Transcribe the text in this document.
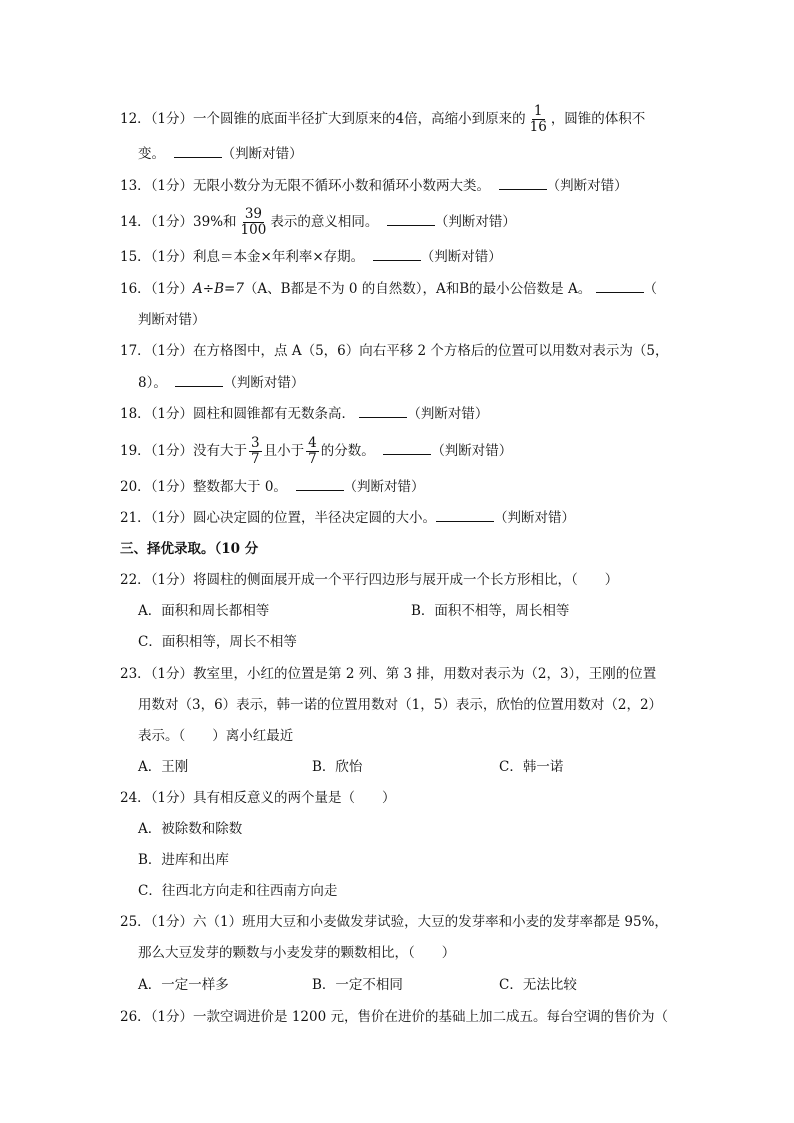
12．（1分）一个圆锥的底面半径扩大到原来的4倍，高缩小到原来的 $\frac{1}{16}$ ，圆锥的体积不
变。	（判断对错）
13．（1分）无限小数分为无限不循环小数和循环小数两大类。	（判断对错）
14．（1分）39%和 $\frac{39}{100}$ 表示的意义相同。	（判断对错）
15．（1分）利息＝本金×年利率×存期。	（判断对错）
16．（1分）A÷B=7（A、B都是不为 0 的自然数），A和B的最小公倍数是 A。	（
判断对错）
17．（1分）在方格图中，点 A（5，6）向右平移 2 个方格后的位置可以用数对表示为（5，
8）。	（判断对错）
18．（1分）圆柱和圆锥都有无数条高．	（判断对错）
19．（1分）没有大于 $\frac{3}{7}$ 且小于 $\frac{4}{7}$ 的分数。	（判断对错）
20．（1分）整数都大于 0。	（判断对错）
21．（1分）圆心决定圆的位置，半径决定圆的大小。	（判断对错）
三、择优录取。（10 分
22．（1分）将圆柱的侧面展开成一个平行四边形与展开成一个长方形相比，（　　）
A．面积和周长都相等	B．面积不相等，周长相等
C．面积相等，周长不相等
23．（1分）教室里，小红的位置是第 2 列、第 3 排，用数对表示为（2，3），王刚的位置
用数对（3，6）表示，韩一诺的位置用数对（1，5）表示，欣怡的位置用数对（2，2）
表示。（　　）离小红最近
A．王刚	B．欣怡	C．韩一诺
24．（1分）具有相反意义的两个量是（　　）
A．被除数和除数
B．进库和出库
C．往西北方向走和往西南方向走
25．（1分）六（1）班用大豆和小麦做发芽试验，大豆的发芽率和小麦的发芽率都是 95%，
那么大豆发芽的颗数与小麦发芽的颗数相比，（　　）
A．一定一样多	B．一定不相同	C．无法比较
26．（1分）一款空调进价是 1200 元，售价在进价的基础上加二成五。每台空调的售价为（
